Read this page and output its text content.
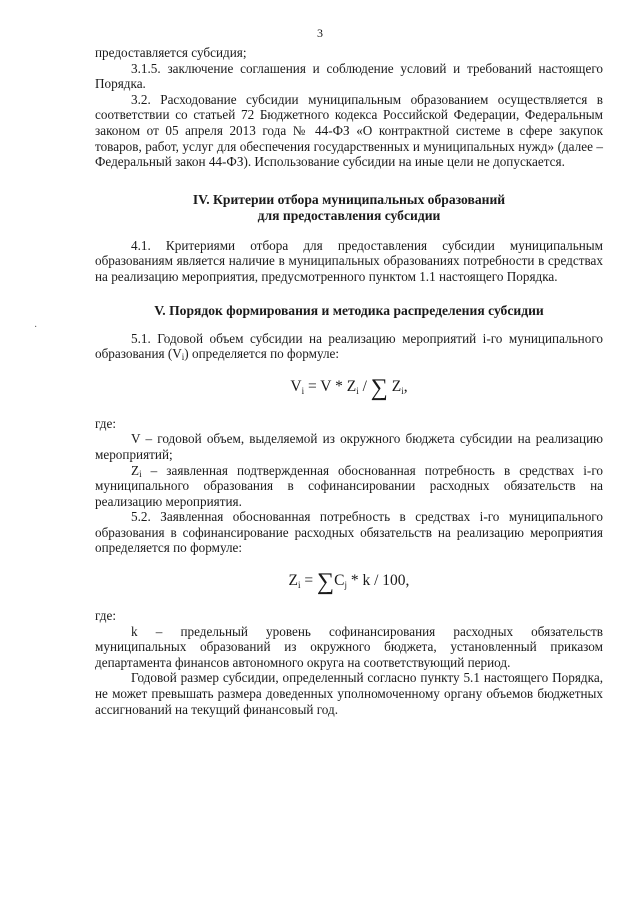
3
·

предоставляется субсидия;

3.1.5. заключение соглашения и соблюдение условий и требований настоящего Порядка.

3.2. Расходование субсидии муниципальным образованием осуществляется в соответствии со статьей 72 Бюджетного кодекса Российской Федерации, Федеральным законом от 05 апреля 2013 года № 44-ФЗ «О контрактной системе в сфере закупок товаров, работ, услуг для обеспечения государственных и муниципальных нужд» (далее – Федеральный закон 44-ФЗ). Использование субсидии на иные цели не допускается.

IV. Критерии отбора муниципальных образований

для предоставления субсидии

4.1. Критериями отбора для предоставления субсидии муниципальным образованиям является наличие в муниципальных образованиях потребности в средствах на реализацию мероприятия, предусмотренного пунктом 1.1 настоящего Порядка.

V. Порядок формирования и методика распределения субсидии

5.1. Годовой объем субсидии на реализацию мероприятий i-го муниципального образования $(V_i)$ определяется по формуле:

$V_i = V * Z_i$ / ∑ $Z_i$,

где:

V – годовой объем, выделяемой из окружного бюджета субсидии на реализацию мероприятий;

$Z_i$ – заявленная подтвержденная обоснованная потребность в средствах i-го муниципального образования в софинансировании расходных обязательств на реализацию мероприятия.

5.2. Заявленная обоснованная потребность в средствах i-го муниципального образования в софинансирование расходных обязательств на реализацию мероприятия определяется по формуле:

$Z_i = \sum C_j * k / 100$,

где:

k – предельный уровень софинансирования расходных обязательств муниципальных образований из окружного бюджета, установленный приказом департамента финансов автономного округа на соответствующий период.

Годовой размер субсидии, определенный согласно пункту 5.1 настоящего Порядка, не может превышать размера доведенных уполномоченному органу объемов бюджетных ассигнований на текущий финансовый год.
